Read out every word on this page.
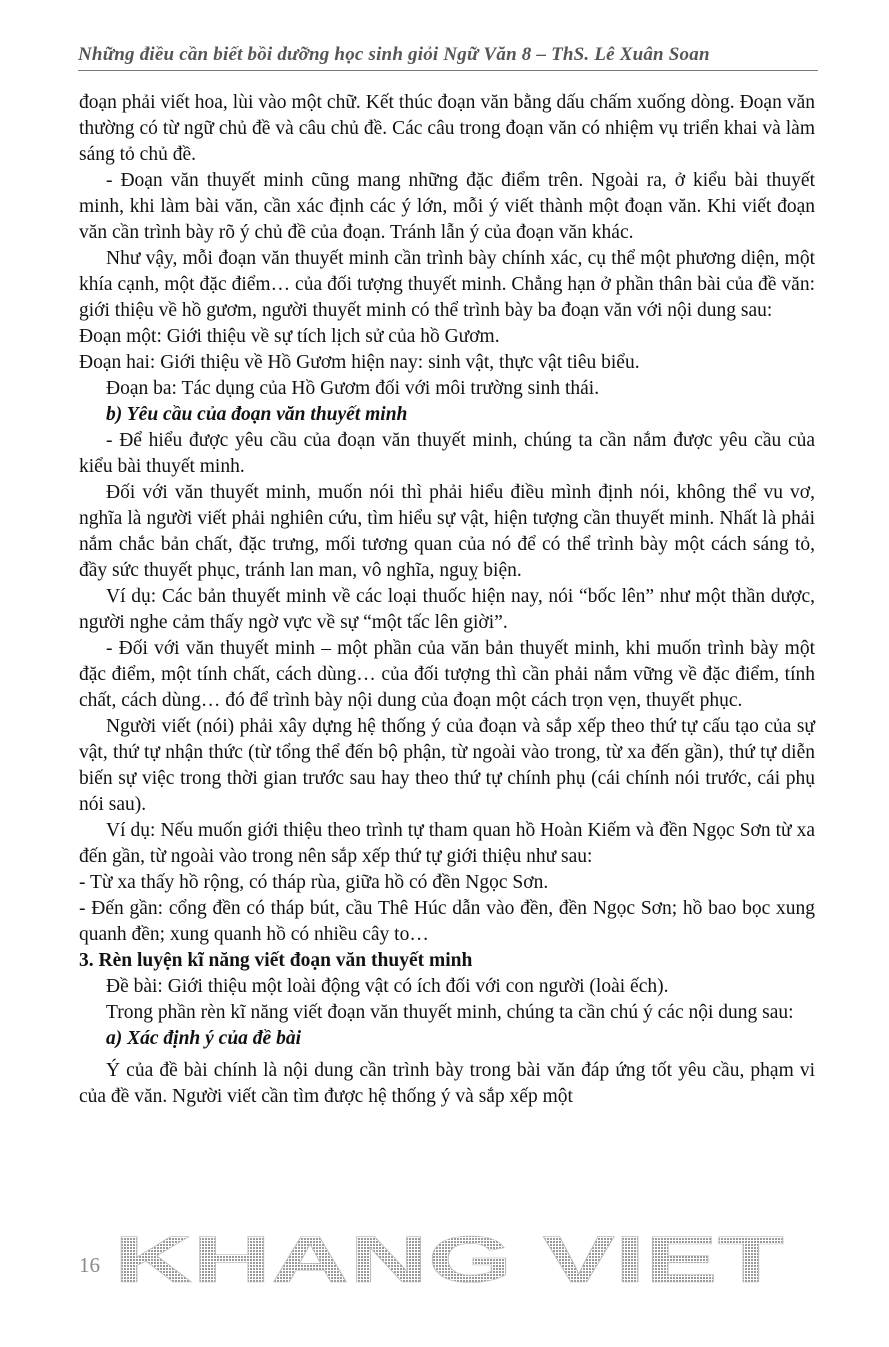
Những điều cần biết bồi dưỡng học sinh giỏi Ngữ Văn 8 – ThS. Lê Xuân Soan

đoạn phải viết hoa, lùi vào một chữ. Kết thúc đoạn văn bằng dấu chấm xuống dòng. Đoạn văn thường có từ ngữ chủ đề và câu chủ đề. Các câu trong đoạn văn có nhiệm vụ triển khai và làm sáng tỏ chủ đề.

- Đoạn văn thuyết minh cũng mang những đặc điểm trên. Ngoài ra, ở kiểu bài thuyết minh, khi làm bài văn, cần xác định các ý lớn, mỗi ý viết thành một đoạn văn. Khi viết đoạn văn cần trình bày rõ ý chủ đề của đoạn. Tránh lẫn ý của đoạn văn khác.

Như vậy, mỗi đoạn văn thuyết minh cần trình bày chính xác, cụ thể một phương diện, một khía cạnh, một đặc điểm… của đối tượng thuyết minh. Chẳng hạn ở phần thân bài của đề văn: giới thiệu về hồ gươm, người thuyết minh có thể trình bày ba đoạn văn với nội dung sau:

Đoạn một: Giới thiệu về sự tích lịch sử của hồ Gươm.

Đoạn hai: Giới thiệu về Hồ Gươm hiện nay: sinh vật, thực vật tiêu biểu.

Đoạn ba: Tác dụng của Hồ Gươm đối với môi trường sinh thái.

b) Yêu cầu của đoạn văn thuyết minh

- Để hiểu được yêu cầu của đoạn văn thuyết minh, chúng ta cần nắm được yêu cầu của kiểu bài thuyết minh.

Đối với văn thuyết minh, muốn nói thì phải hiểu điều mình định nói, không thể vu vơ, nghĩa là người viết phải nghiên cứu, tìm hiểu sự vật, hiện tượng cần thuyết minh. Nhất là phải nắm chắc bản chất, đặc trưng, mối tương quan của nó để có thể trình bày một cách sáng tỏ, đầy sức thuyết phục, tránh lan man, vô nghĩa, nguỵ biện.

Ví dụ: Các bản thuyết minh về các loại thuốc hiện nay, nói “bốc lên” như một thần dược, người nghe cảm thấy ngờ vực về sự “một tấc lên giời”.

- Đối với văn thuyết minh – một phần của văn bản thuyết minh, khi muốn trình bày một đặc điểm, một tính chất, cách dùng… của đối tượng thì cần phải nắm vững về đặc điểm, tính chất, cách dùng… đó để trình bày nội dung của đoạn một cách trọn vẹn, thuyết phục.

Người viết (nói) phải xây dựng hệ thống ý của đoạn và sắp xếp theo thứ tự cấu tạo của sự vật, thứ tự nhận thức (từ tổng thể đến bộ phận, từ ngoài vào trong, từ xa đến gần), thứ tự diễn biến sự việc trong thời gian trước sau hay theo thứ tự chính phụ (cái chính nói trước, cái phụ nói sau).

Ví dụ: Nếu muốn giới thiệu theo trình tự tham quan hồ Hoàn Kiếm và đền Ngọc Sơn từ xa đến gần, từ ngoài vào trong nên sắp xếp thứ tự giới thiệu như sau:

- Từ xa thấy hồ rộng, có tháp rùa, giữa hồ có đền Ngọc Sơn.

- Đến gần: cổng đền có tháp bút, cầu Thê Húc dẫn vào đền, đền Ngọc Sơn; hồ bao bọc xung quanh đền; xung quanh hồ có nhiều cây to…

3. Rèn luyện kĩ năng viết đoạn văn thuyết minh

Đề bài: Giới thiệu một loài động vật có ích đối với con người (loài ếch).

Trong phần rèn kĩ năng viết đoạn văn thuyết minh, chúng ta cần chú ý các nội dung sau:

a) Xác định ý của đề bài

Ý của đề bài chính là nội dung cần trình bày trong bài văn đáp ứng tốt yêu cầu, phạm vi của đề văn. Người viết cần tìm được hệ thống ý và sắp xếp một

16 KHANG VIET
